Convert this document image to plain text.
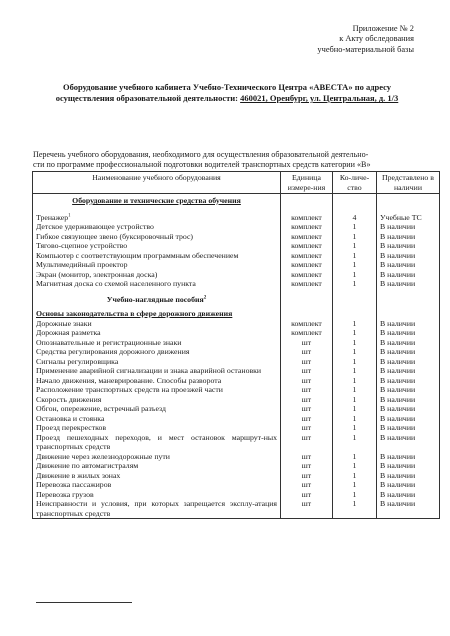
Приложение № 2
к Акту обследования
учебно-материальной базы
Оборудование учебного кабинета Учебно-Технического Центра «АВЕСТА» по адресу
осуществления образовательной деятельности: 460021, Оренбург, ул. Центральная, д. 1/3
Перечень учебного оборудования, необходимого для осуществления образовательной деятельно-
сти по программе профессиональной подготовки водителей транспортных средств категории «В»
Наименование учебного оборудования	Единица измере-ния	Ко-личе-ство	Представлено в наличии
Оборудование и технические средства обучения			
Тренажер$^1$	комплект	4	Учебные ТС
Детское удерживающее устройство	комплект	1	В наличии
Гибкое связующее звено (буксировочный трос)	комплект	1	В наличии
Тягово-сцепное устройство	комплект	1	В наличии
Компьютер с соответствующим программным обеспечением	комплект	1	В наличии
Мультимедийный проектор	комплект	1	В наличии
Экран (монитор, электронная доска)	комплект	1	В наличии
Магнитная доска со схемой населенного пункта	комплект	1	В наличии
Учебно-наглядные пособия$^2$			
Основы законодательства в сфере дорожного движения			
Дорожные знаки	комплект	1	В наличии
Дорожная разметка	комплект	1	В наличии
Опознавательные и регистрационные знаки	шт	1	В наличии
Средства регулирования дорожного движения	шт	1	В наличии
Сигналы регулировщика	шт	1	В наличии
Применение аварийной сигнализации и знака аварийной остановки	шт	1	В наличии
Начало движения, маневрирование. Способы разворота	шт	1	В наличии
Расположение транспортных средств на проезжей части	шт	1	В наличии
Скорость движения	шт	1	В наличии
Обгон, опережение, встречный разъезд	шт	1	В наличии
Остановка и стоянка	шт	1	В наличии
Проезд перекрестков	шт	1	В наличии
Проезд пешеходных переходов, и мест остановок маршрут-ных транспортных средств	шт	1	В наличии
Движение через железнодорожные пути	шт	1	В наличии
Движение по автомагистралям	шт	1	В наличии
Движение в жилых зонах	шт	1	В наличии
Перевозка пассажиров	шт	1	В наличии
Перевозка грузов	шт	1	В наличии
Неисправности и условия, при которых запрещается эксплу-атация транспортных средств	шт	1	В наличии
